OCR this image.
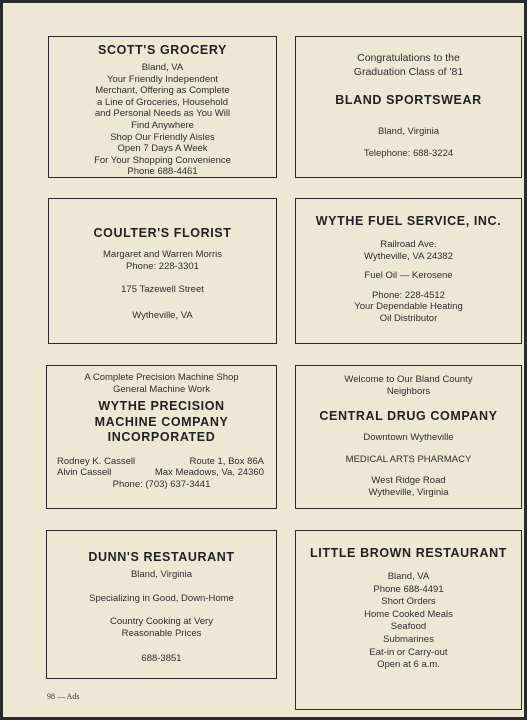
SCOTT'S GROCERY

Bland, VA

Your Friendly Independent

Merchant, Offering as Complete

a Line of Groceries, Household

and Personal Needs as You Will

Find Anywhere

Shop Our Friendly Aisles

Open 7 Days A Week

For Your Shopping Convenience

Phone 688-4461

Congratulations to the

Graduation Class of '81

BLAND SPORTSWEAR

Bland, Virginia

Telephone: 688-3224

COULTER'S FLORIST

Margaret and Warren Morris

Phone: 228-3301

175 Tazewell Street

Wytheville, VA

WYTHE FUEL SERVICE, INC.

Railroad Ave.

Wytheville, VA 24382

Fuel Oil — Kerosene

Phone: 228-4512

Your Dependable Heating

Oil Distributor

A Complete Precision Machine Shop

General Machine Work

WYTHE PRECISION
MACHINE COMPANY
INCORPORATED
Rodney K. Cassell	Route 1, Box 86A
Alvin Cassell	Max Meadows, Va. 24360

Phone: (703) 637-3441

Welcome to Our Bland County

Neighbors

CENTRAL DRUG COMPANY

Downtown Wytheville

MEDICAL ARTS PHARMACY

West Ridge Road

Wytheville, Virginia

DUNN'S RESTAURANT

Bland, Virginia

Specializing in Good, Down-Home

Country Cooking at Very

Reasonable Prices

688-3851

LITTLE BROWN RESTAURANT

Bland, VA

Phone 688-4491

Short Orders

Home Cooked Meals

Seafood

Submarines

Eat-in or Carry-out

Open at 6 a.m.

98 — Ads
